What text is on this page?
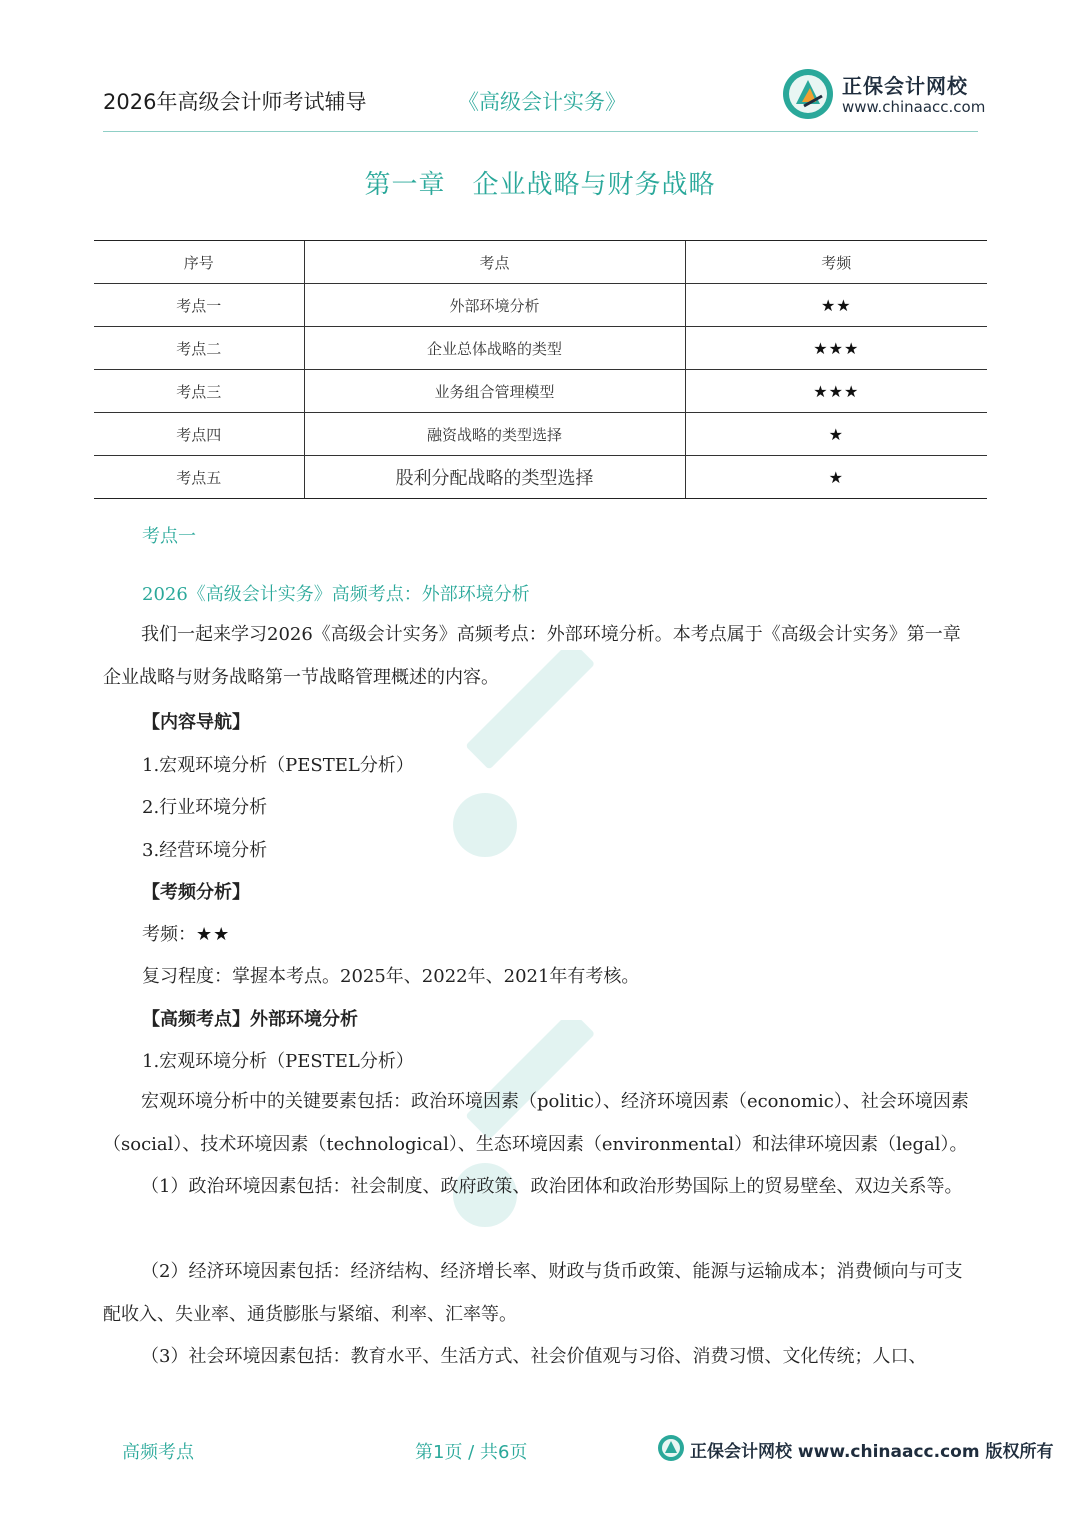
2026年高级会计师考试辅导	《高级会计实务》
正保会计网校
www.chinaacc.com
第一章　企业战略与财务战略
序号	考点	考频
考点一	外部环境分析	★★
考点二	企业总体战略的类型	★★★
考点三	业务组合管理模型	★★★
考点四	融资战略的类型选择	★
考点五	股利分配战略的类型选择	★
考点一
2026《高级会计实务》高频考点：外部环境分析
我们一起来学习2026《高级会计实务》高频考点：外部环境分析。本考点属于《高级会计实务》第一章企业战略与财务战略第一节战略管理概述的内容。
【内容导航】
1.宏观环境分析（PESTEL分析）
2.行业环境分析
3.经营环境分析
【考频分析】
考频：★★
复习程度：掌握本考点。2025年、2022年、2021年有考核。
【高频考点】外部环境分析
1.宏观环境分析（PESTEL分析）
宏观环境分析中的关键要素包括：政治环境因素（politic）、经济环境因素（economic）、社会环境因素（social）、技术环境因素（technological）、生态环境因素（environmental）和法律环境因素（legal）。
（1）政治环境因素包括：社会制度、政府政策、政治团体和政治形势国际上的贸易壁垒、双边关系等。
（2）经济环境因素包括：经济结构、经济增长率、财政与货币政策、能源与运输成本；消费倾向与可支配收入、失业率、通货膨胀与紧缩、利率、汇率等。
（3）社会环境因素包括：教育水平、生活方式、社会价值观与习俗、消费习惯、文化传统；人口、
高频考点	第1页 / 共6页	正保会计网校 www.chinaacc.com 版权所有
